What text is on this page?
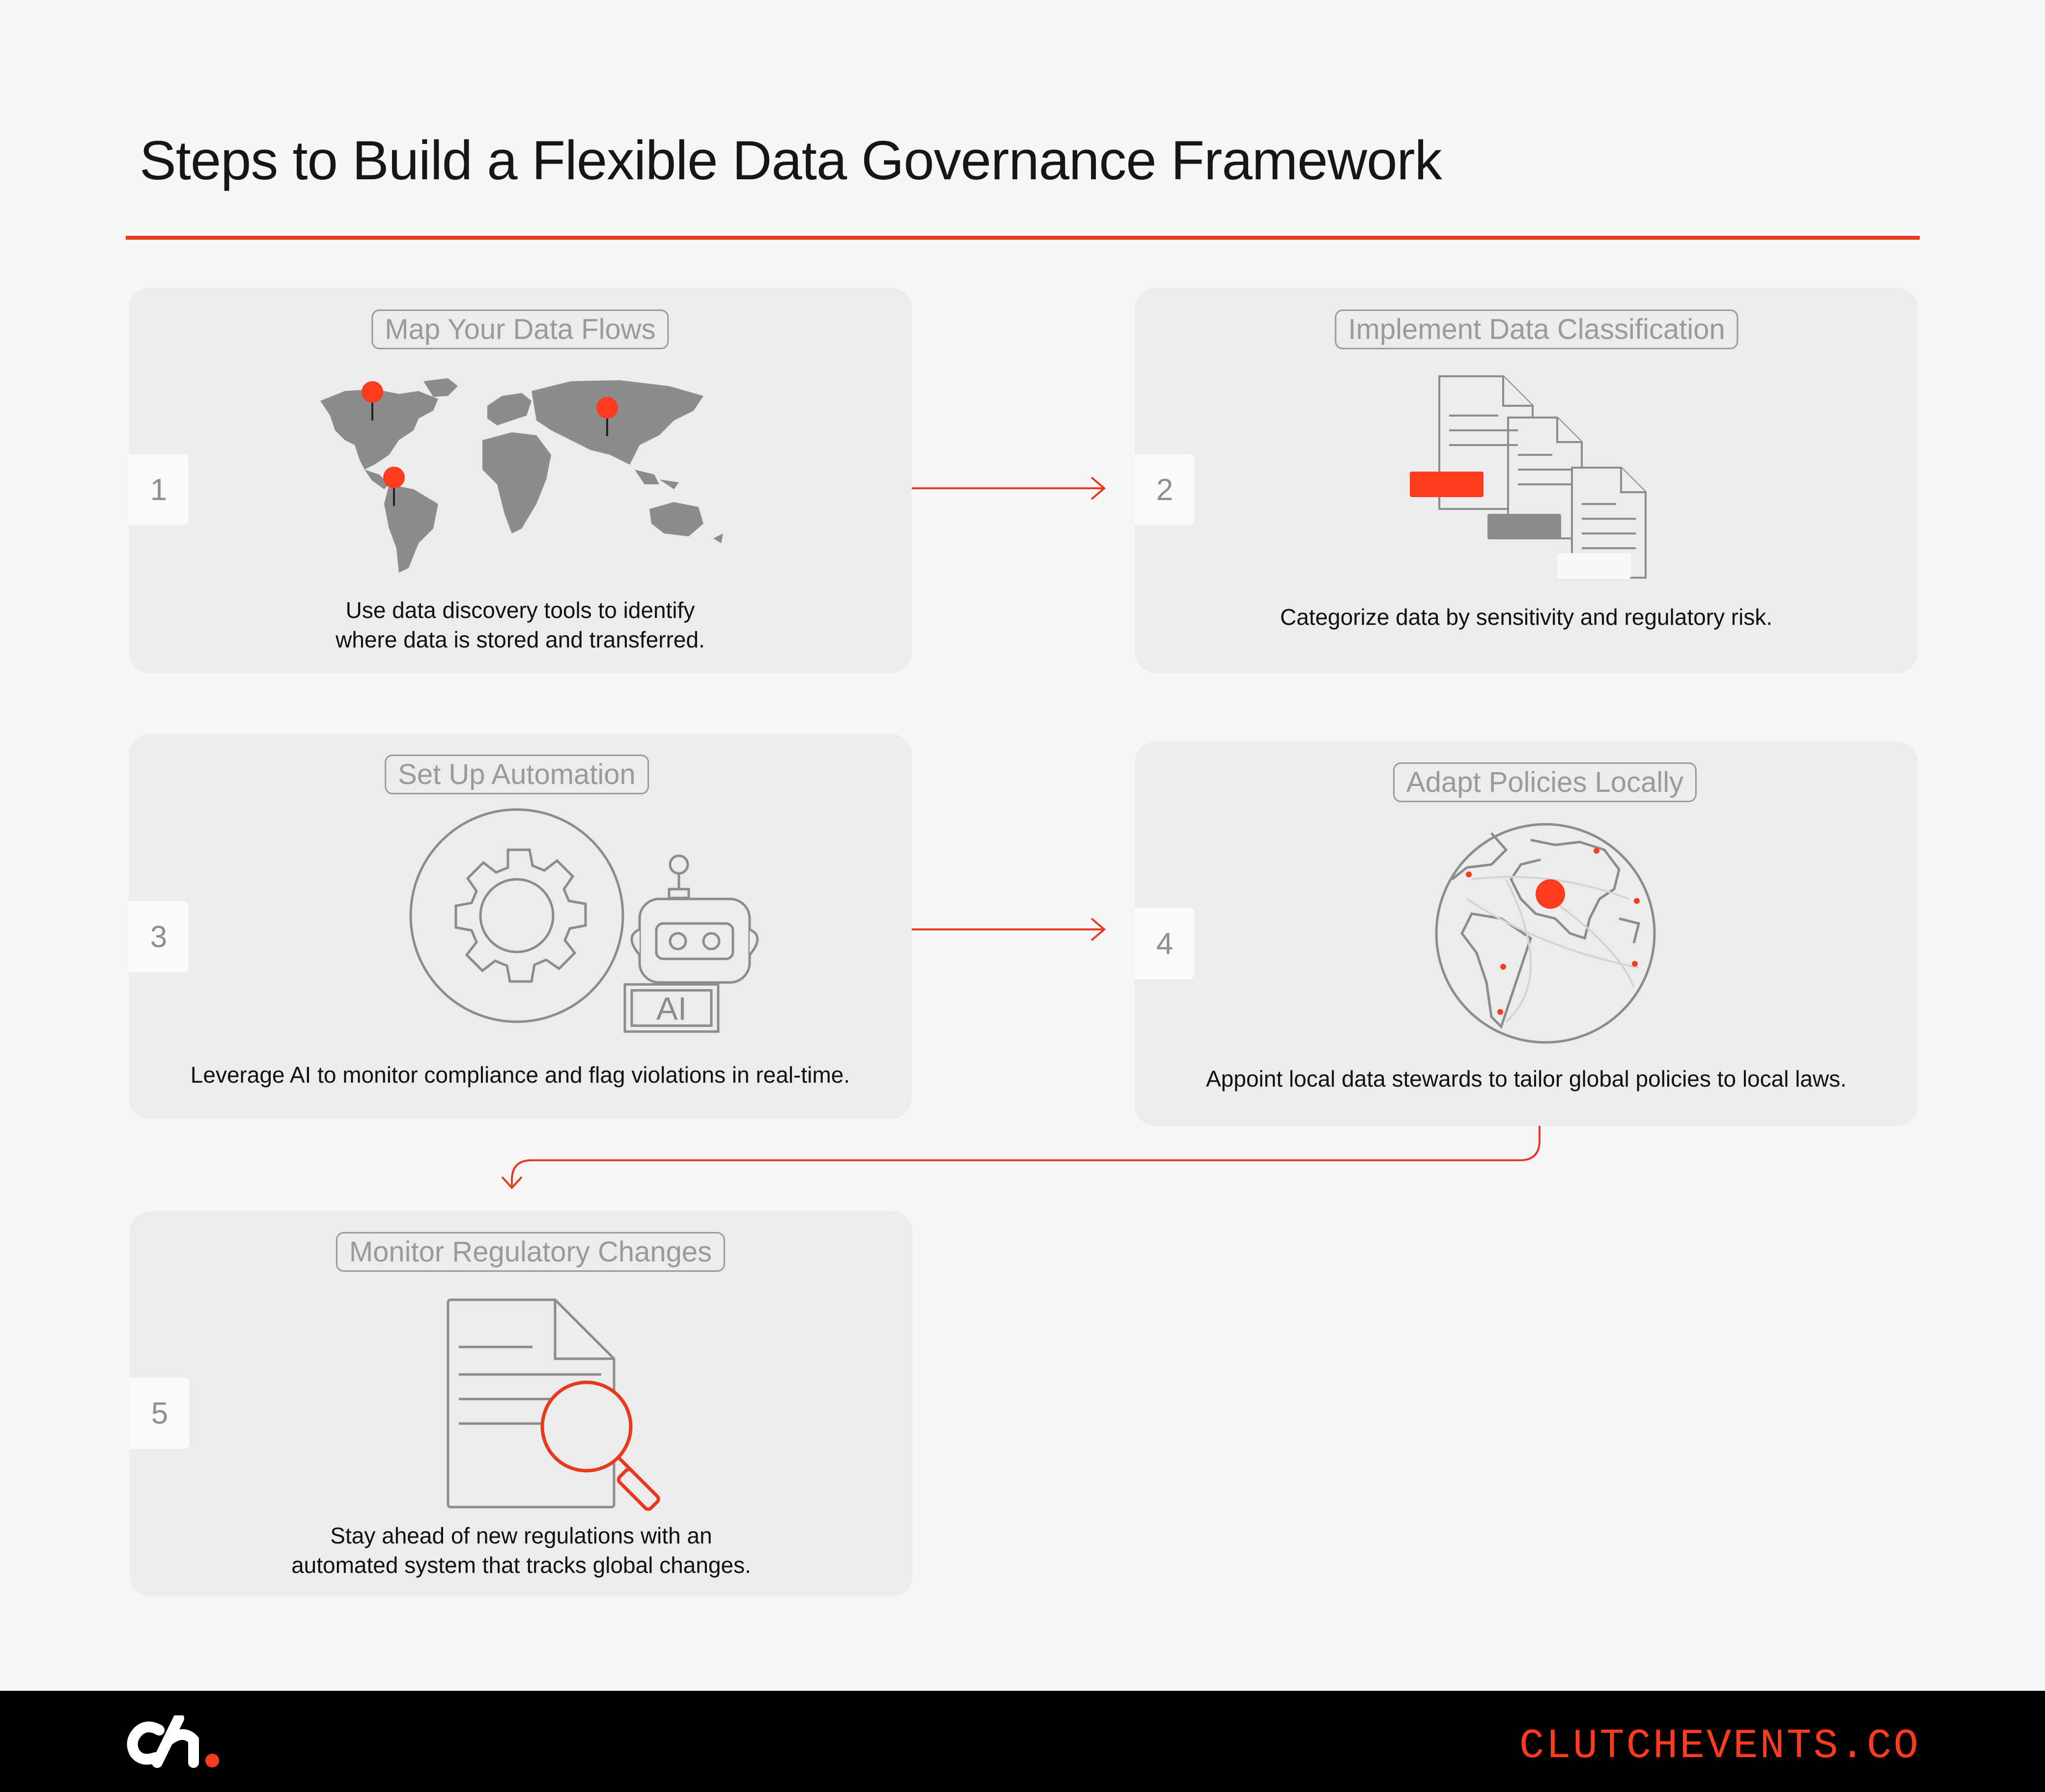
Steps to Build a Flexible Data Governance Framework
1
Map Your Data Flows
Use data discovery tools to identify
where data is stored and transferred.
2
Implement Data Classification
Categorize data by sensitivity and regulatory risk.
3
Set Up Automation
AI
Leverage AI to monitor compliance and flag violations in real-time.
4
Adapt Policies Locally
Appoint local data stewards to tailor global policies to local laws.
5
Monitor Regulatory Changes
Stay ahead of new regulations with an
automated system that tracks global changes.
CLUTCHEVENTS.CO
